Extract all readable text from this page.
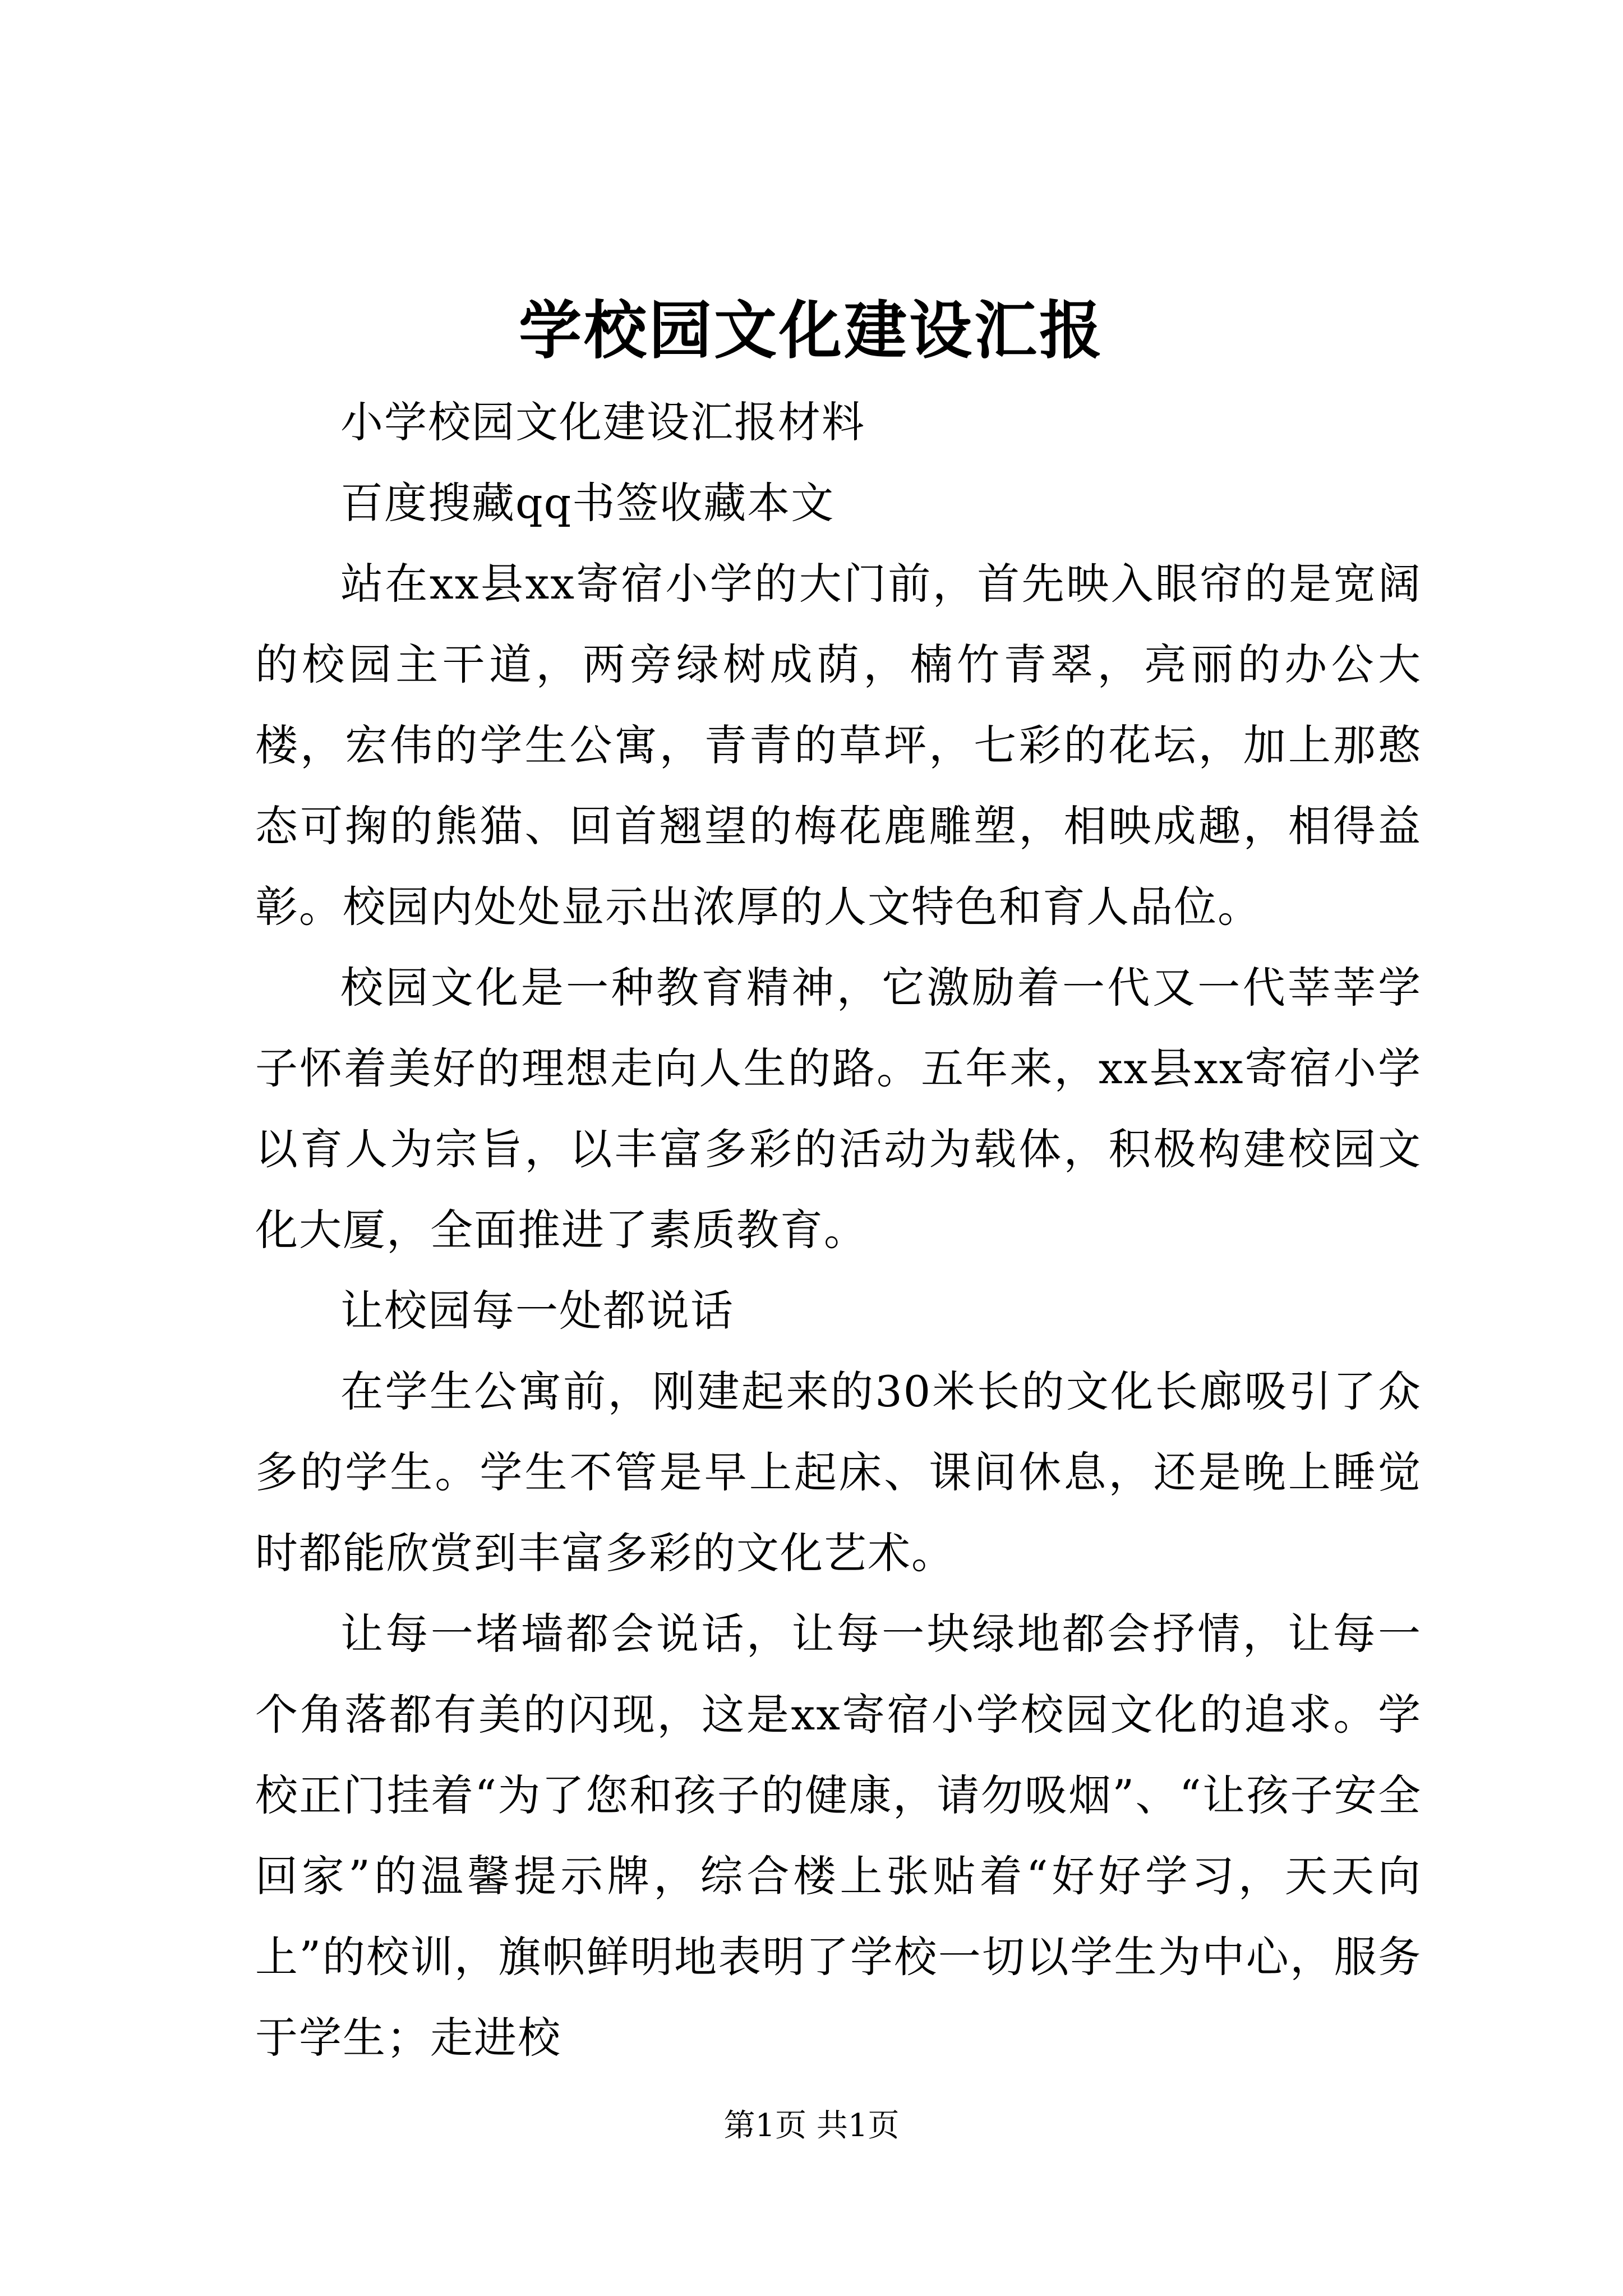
学校园文化建设汇报

小学校园文化建设汇报材料

百度搜藏qq书签收藏本文

站在xx县xx寄宿小学的大门前，首先映入眼帘的是宽阔的校园主干道，两旁绿树成荫，楠竹青翠，亮丽的办公大楼，宏伟的学生公寓，青青的草坪，七彩的花坛，加上那憨态可掬的熊猫、回首翘望的梅花鹿雕塑，相映成趣，相得益彰。校园内处处显示出浓厚的人文特色和育人品位。

校园文化是一种教育精神，它激励着一代又一代莘莘学子怀着美好的理想走向人生的路。五年来，xx县xx寄宿小学以育人为宗旨，以丰富多彩的活动为载体，积极构建校园文化大厦，全面推进了素质教育。

让校园每一处都说话

在学生公寓前，刚建起来的30米长的文化长廊吸引了众多的学生。学生不管是早上起床、课间休息，还是晚上睡觉时都能欣赏到丰富多彩的文化艺术。

让每一堵墙都会说话，让每一块绿地都会抒情，让每一个角落都有美的闪现，这是xx寄宿小学校园文化的追求。学校正门挂着“为了您和孩子的健康，请勿吸烟”、“让孩子安全回家”的温馨提示牌，综合楼上张贴着“好好学习，天天向上”的校训，旗帜鲜明地表明了学校一切以学生为中心，服务于学生；走进校

第1页 共1页
